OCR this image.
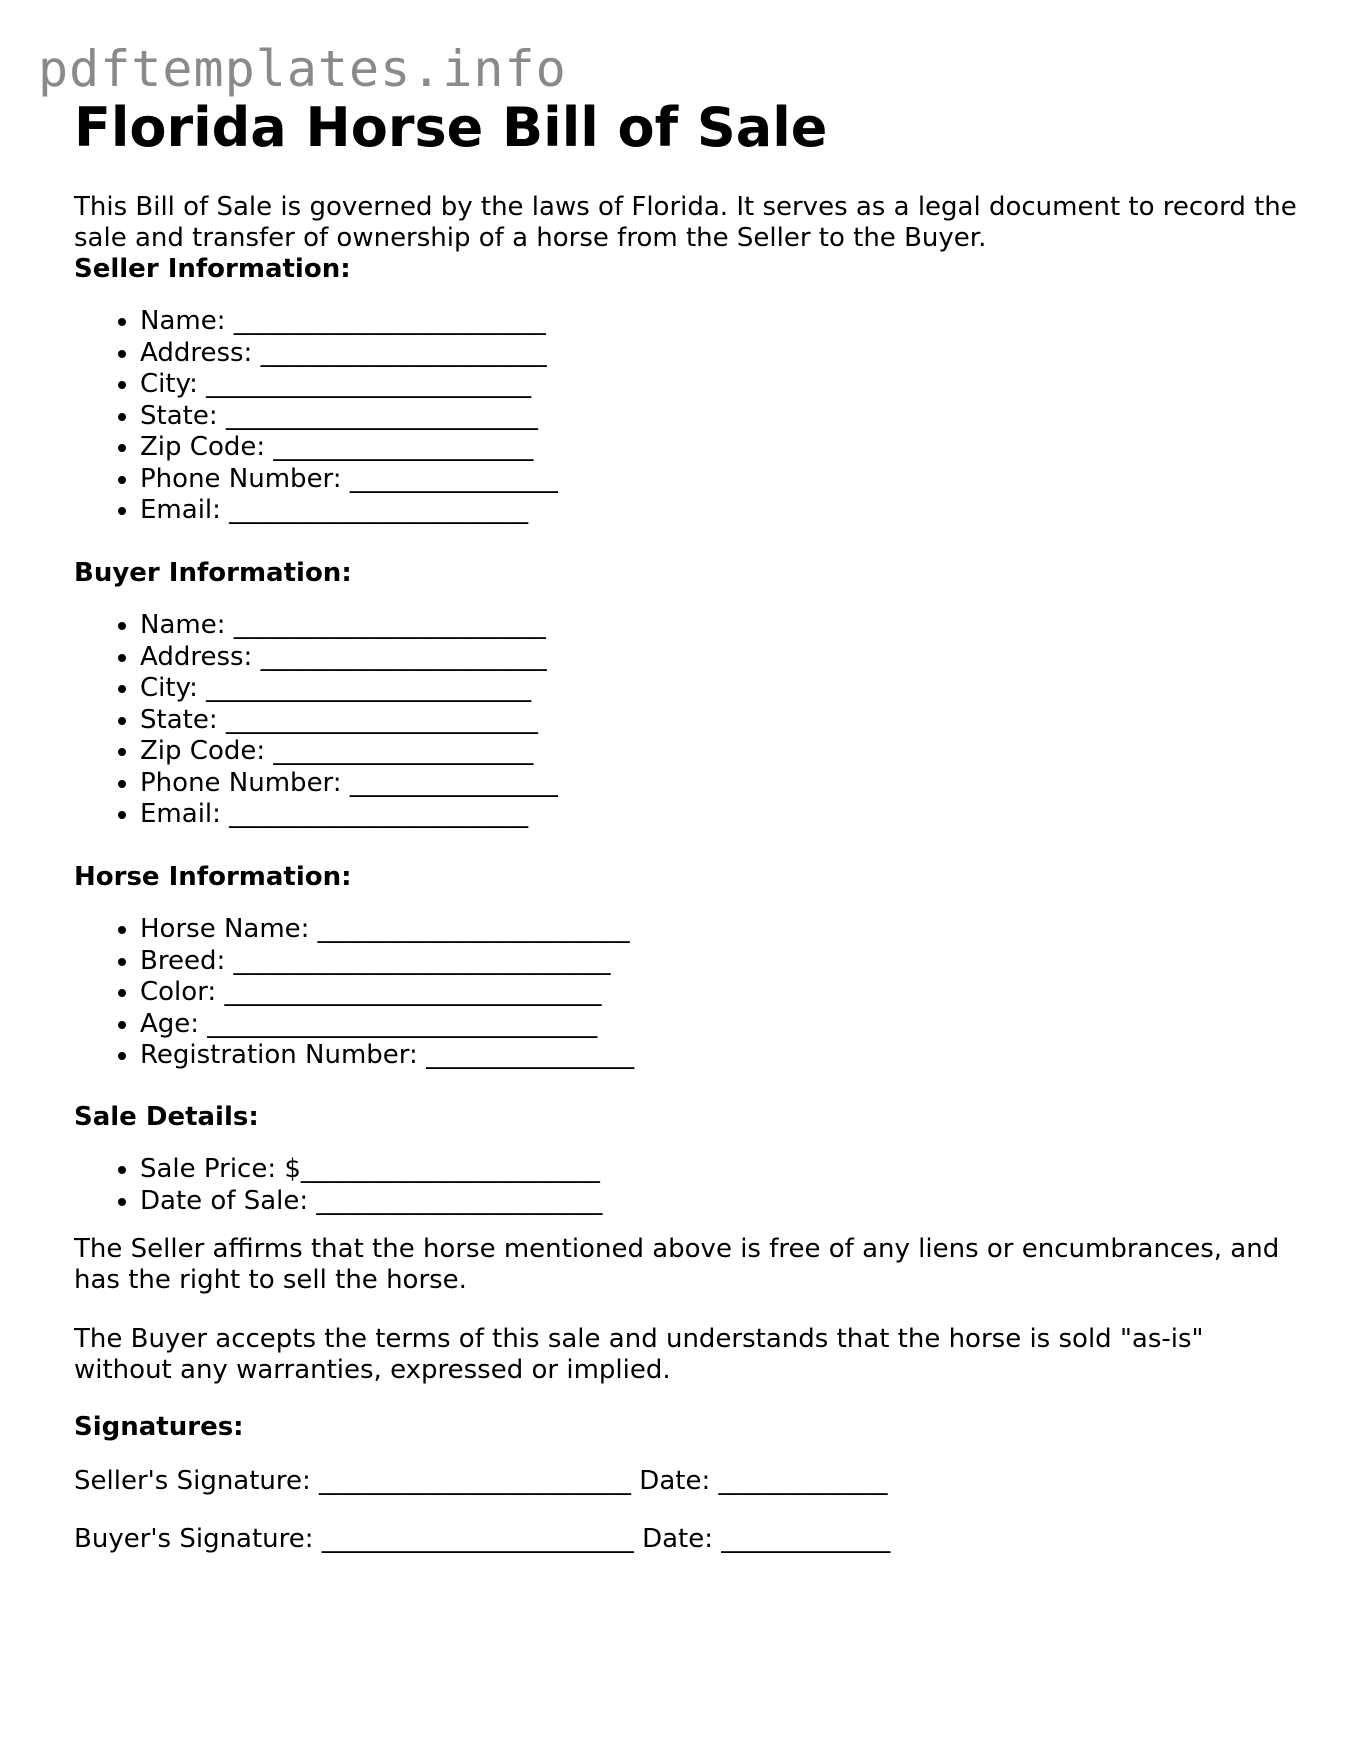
pdftemplates.info
Florida Horse Bill of Sale

This Bill of Sale is governed by the laws of Florida. It serves as a legal document to record the sale and transfer of ownership of a horse from the Seller to the Buyer.

Seller Information:

• Name: ________________________
• Address: ______________________
• City: _________________________
• State: ________________________
• Zip Code: ____________________
• Phone Number: ________________
• Email: _______________________

Buyer Information:

• Name: ________________________
• Address: ______________________
• City: _________________________
• State: ________________________
• Zip Code: ____________________
• Phone Number: ________________
• Email: _______________________

Horse Information:

• Horse Name: ________________________
• Breed: _____________________________
• Color: _____________________________
• Age: ______________________________
• Registration Number: ________________

Sale Details:

• Sale Price: $_______________________
• Date of Sale: ______________________

The Seller affirms that the horse mentioned above is free of any liens or encumbrances, and has the right to sell the horse.

The Buyer accepts the terms of this sale and understands that the horse is sold "as-is" without any warranties, expressed or implied.

Signatures:

Seller's Signature: ________________________ Date: _____________

Buyer's Signature: ________________________ Date: _____________
